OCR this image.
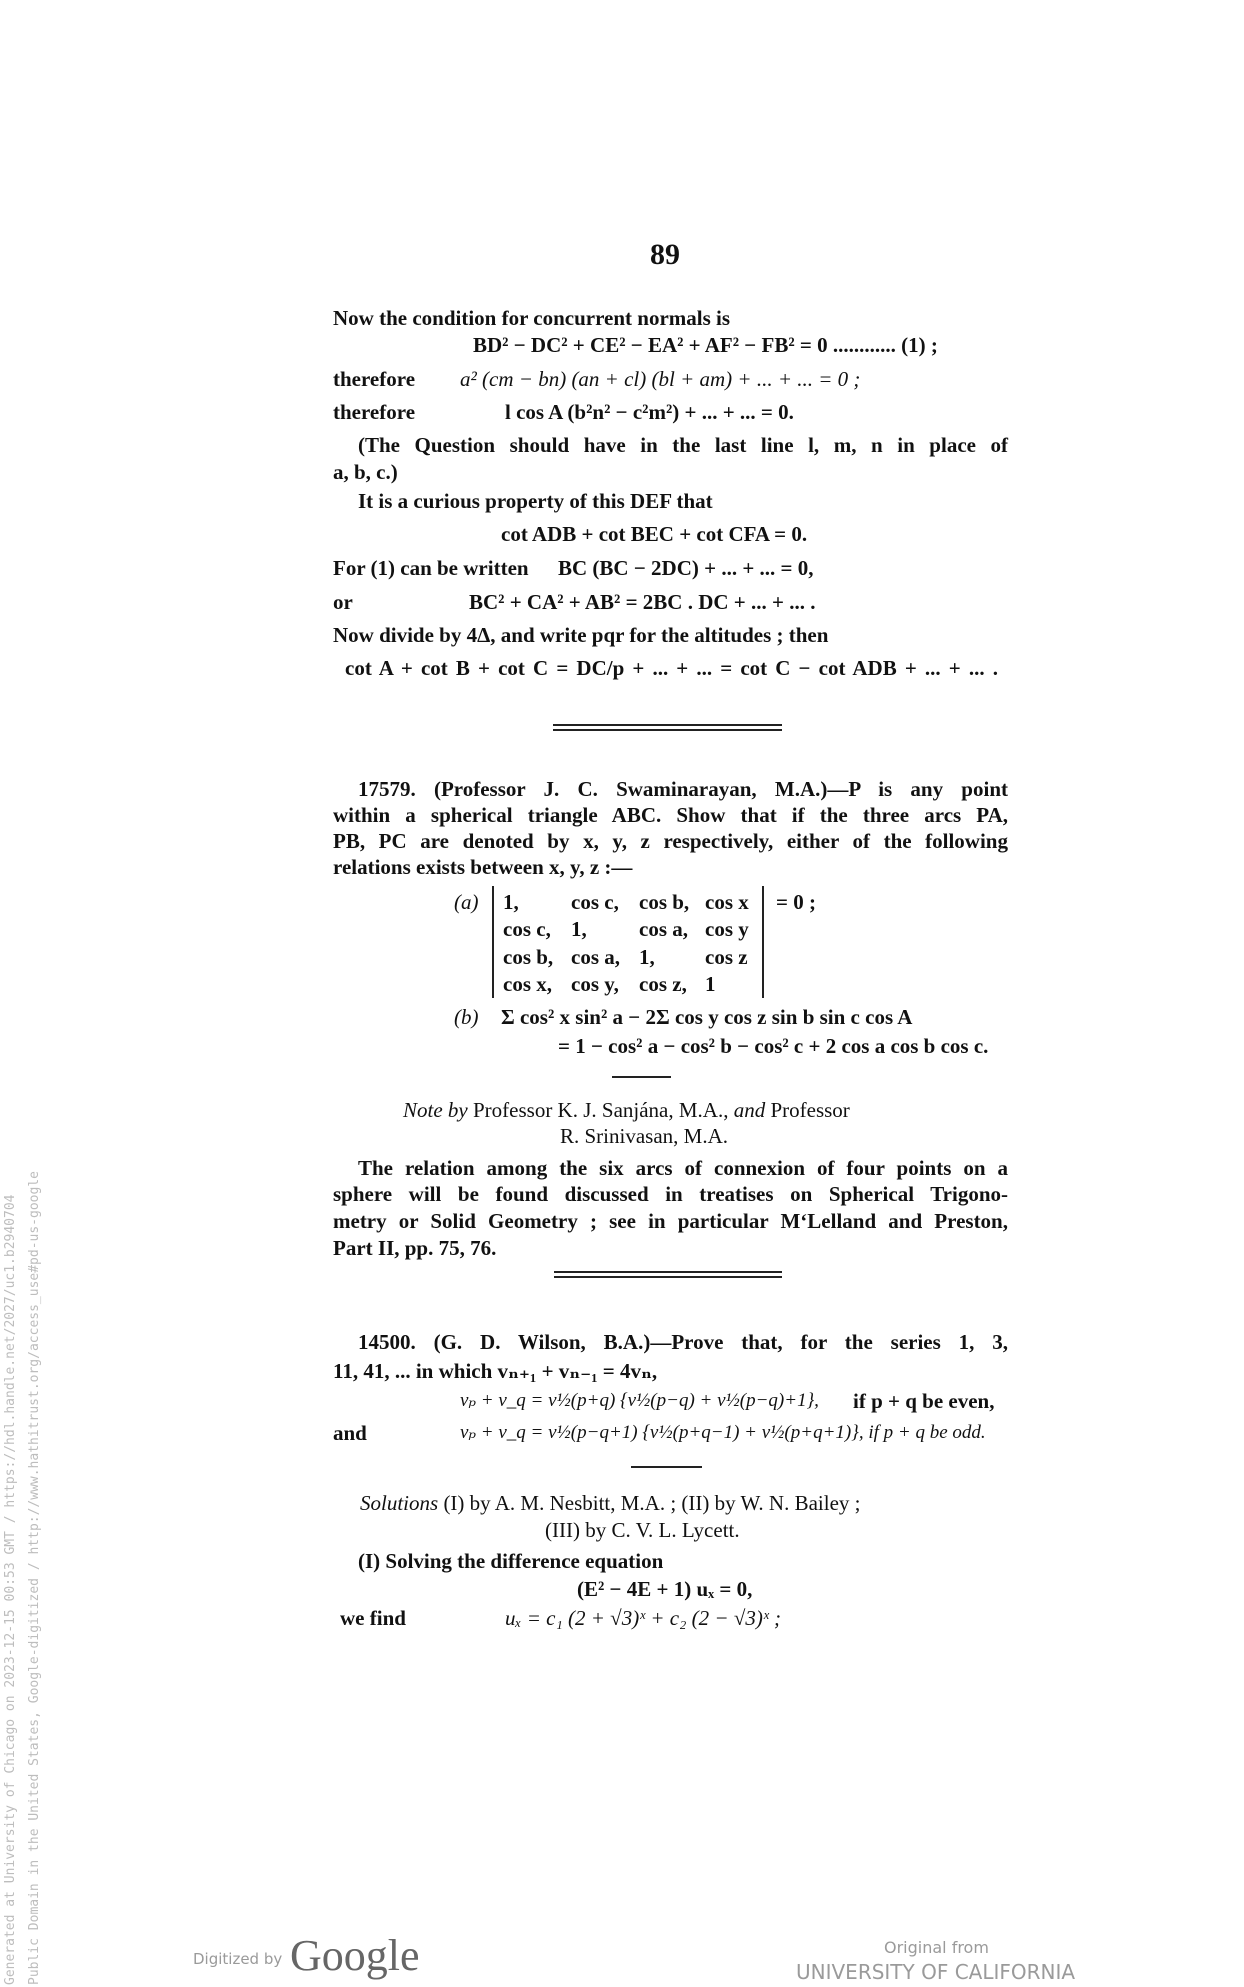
89
Now the condition for concurrent normals is
BD² − DC² + CE² − EA² + AF² − FB² = 0 ............ (1) ;
therefore a² (cm − bn) (an + cl) (bl + am) + ... + ... = 0 ;
therefore	l cos A (b²n² − c²m²) + ... + ... = 0.
(The Question should have in the last line l, m, n in place of
a, b, c.)
It is a curious property of this DEF that
cot ADB + cot BEC + cot CFA = 0.
For (1) can be written BC (BC − 2DC) + ... + ... = 0,
or	BC² + CA² + AB² = 2BC . DC + ... + ... .
Now divide by 4Δ, and write pqr for the altitudes ; then
cot A + cot B + cot C = DC/p + ... + ... = cot C − cot ADB + ... + ... .
17579. (Professor J. C. Swaminarayan, M.A.)—P is any point
within a spherical triangle ABC. Show that if the three arcs PA,
PB, PC are denoted by x, y, z respectively, either of the following
relations exists between x, y, z :—
(a) 1, cos c, cos b, cos x
cos c, 1, cos a, cos y
cos b, cos a, 1, cos z
cos x, cos y, cos z, 1
= 0 ;
(b) Σ cos² x sin² a − 2Σ cos y cos z sin b sin c cos A
= 1 − cos² a − cos² b − cos² c + 2 cos a cos b cos c.
Note by Professor K. J. Sanjána, M.A., and Professor
R. Srinivasan, M.A.
The relation among the six arcs of connexion of four points on a
sphere will be found discussed in treatises on Spherical Trigono-
metry or Solid Geometry ; see in particular M‘Lelland and Preston,
Part II, pp. 75, 76.
14500. (G. D. Wilson, B.A.)—Prove that, for the series 1, 3,
11, 41, ... in which vₙ₊₁ + vₙ₋₁ = 4vₙ,
vₚ + v_q = v½(p+q) {v½(p−q) + v½(p−q)+1}, if p + q be even,
and	vₚ + v_q = v½(p−q+1) {v½(p+q−1) + v½(p+q+1)}, if p + q be odd.
Solutions (I) by A. M. Nesbitt, M.A. ; (II) by W. N. Bailey ;
(III) by C. V. L. Lycett.
(I) Solving the difference equation
(E² − 4E + 1) uₓ = 0,
we find	uₓ = c₁ (2 + √3)ˣ + c₂ (2 − √3)ˣ ;
Generated at University of Chicago on 2023-12-15 00:53 GMT / https://hdl.handle.net/2027/uc1.b2940704 Public Domain in the United States, Google-digitized / http://www.hathitrust.org/access_use#pd-us-google	Digitized by Google	Original from
UNIVERSITY OF CALIFORNIA
